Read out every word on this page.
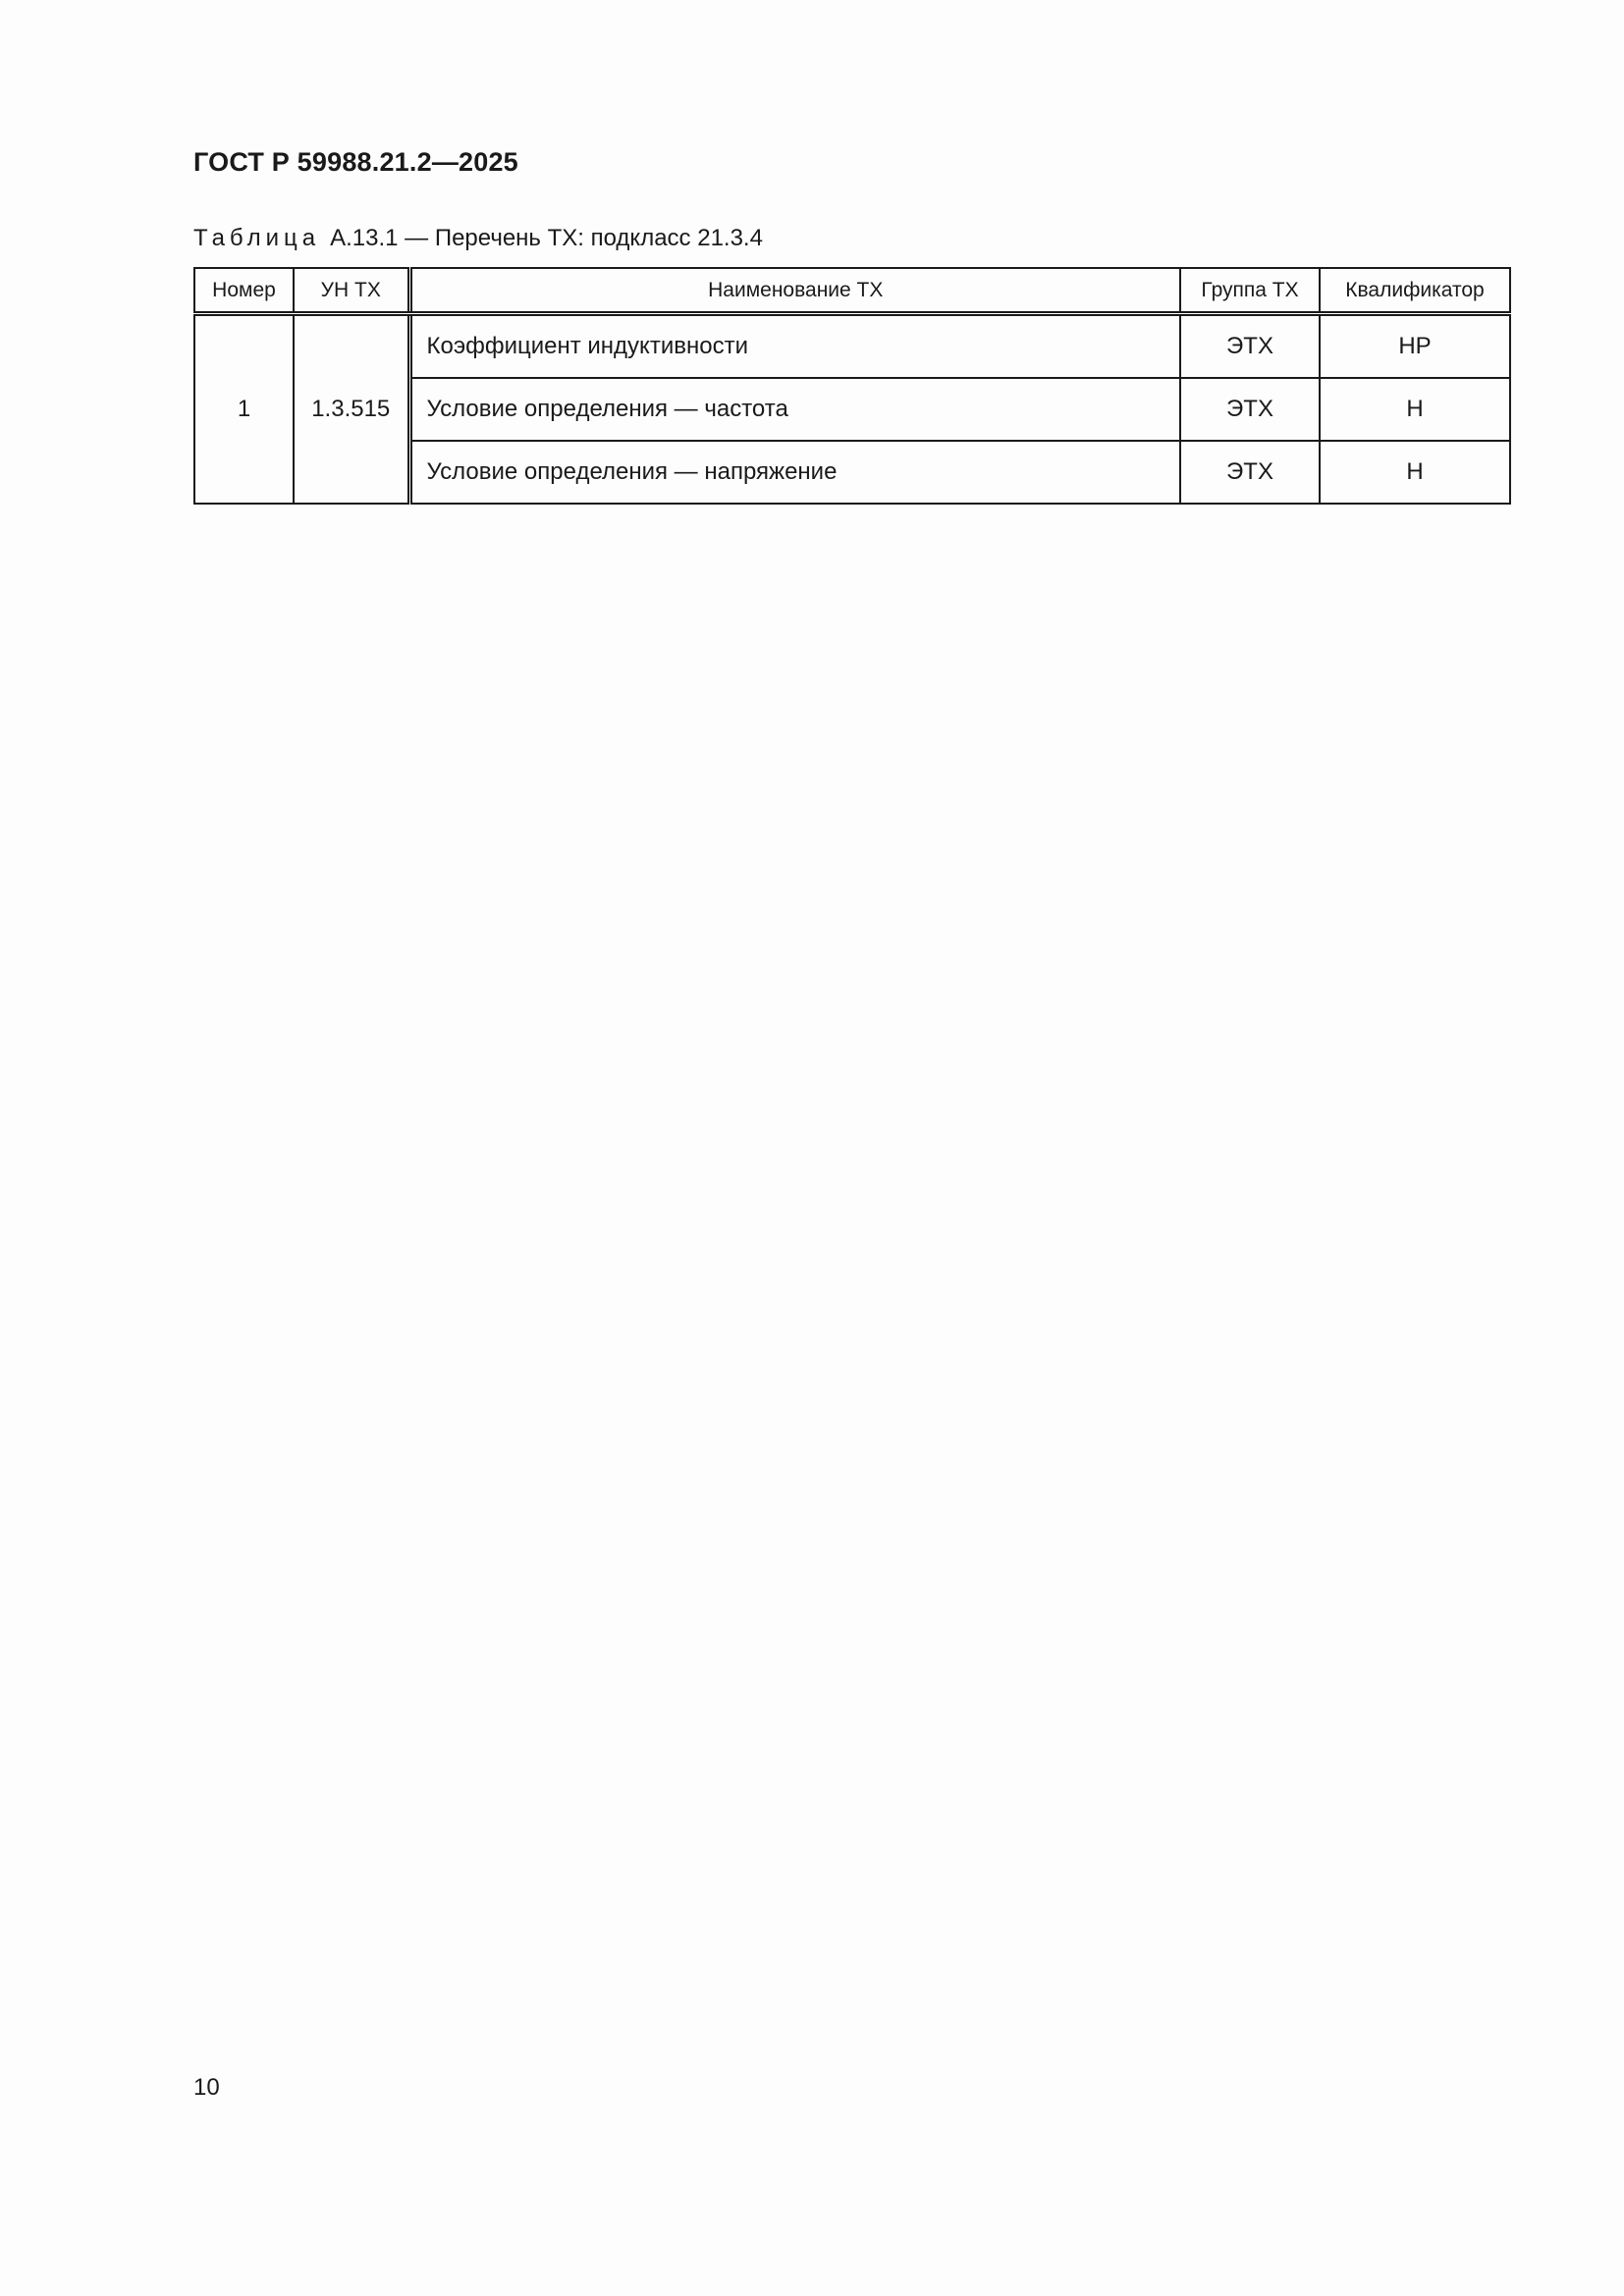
ГОСТ Р 59988.21.2—2025
Таблица А.13.1 — Перечень ТХ: подкласс 21.3.4
Номер	УН ТХ	Наименование ТХ	Группа ТХ	Квалификатор
1	1.3.515	Коэффициент индуктивности	ЭТХ	НР
		Условие определения — частота	ЭТХ	Н
		Условие определения — напряжение	ЭТХ	Н
10
